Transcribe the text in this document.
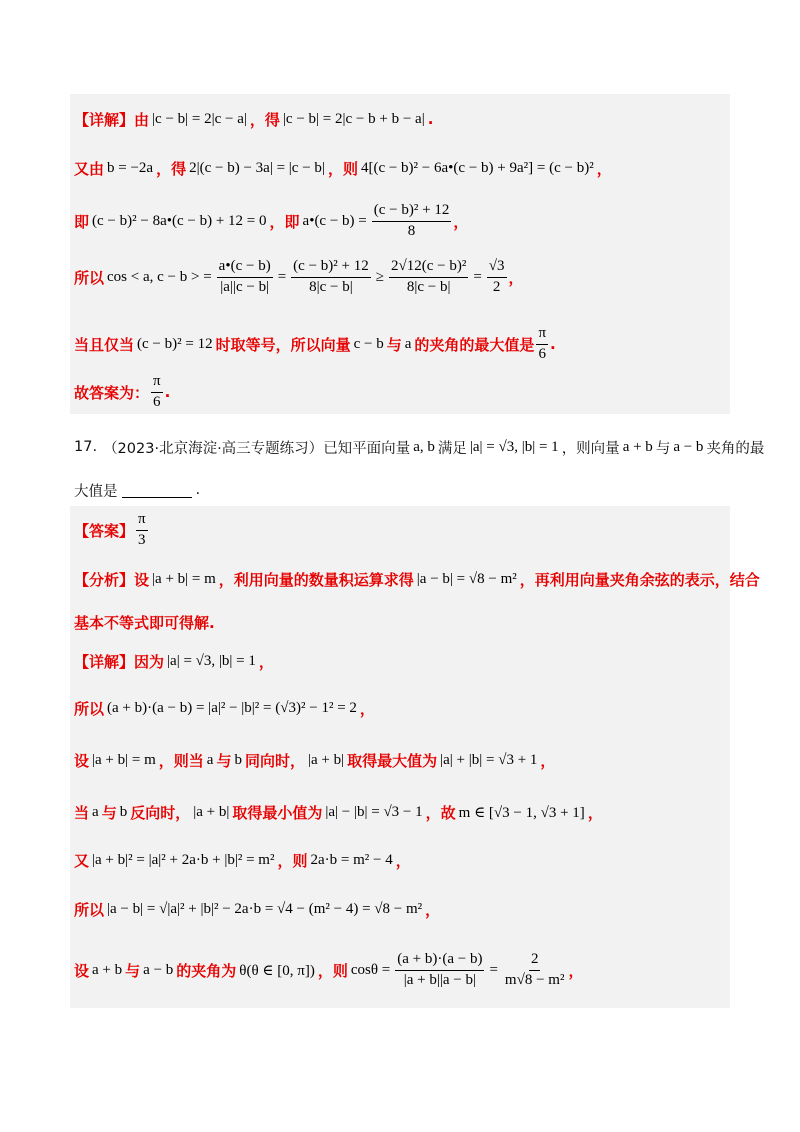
【详解】 由 |c − b| = 2|c − a| ，得 |c − b| = 2|c − b + b − a| .
又由 b = −2a ，得 2|(c − b) − 3a| = |c − b| ，则 4[(c − b)² − 6a•(c − b) + 9a²] = (c − b)² ，
即 (c − b)² − 8a•(c − b) + 12 = 0 ，即 a•(c − $b) = \frac{\text{(c − b)² + 12}}{8}$ ，
所以 cos < a, c − b > = $\frac{a•(c - b)}{|a||c - b|} = \frac{\text{(c − b)² + 12}}{8|c - b|} \ge \frac{\text{2√12(c − b)²}}{8|c - b|} = \frac{√3}{2}$ ，
当且仅当 (c − b)² = 12 时取等号，所以向量 c − b 与 a 的夹角的最大值是 $\frac{\pi}{6}$ .
故答案为： $\frac{\pi}{6}$ .
17. （2023·北京海淀·高三专题练习） 已知平面向量 a, b 满足 |a| = √3, |b| = 1 ，则向量 a + b 与 a − b 夹角的最
大值是	.
【答案】 $\frac{\pi}{3}$
【分析】 设 |a + b| = m ，利用向量的数量积运算求得 |a − b| = √8 − m² ，再利用向量夹角余弦的表示，结合
基本不等式即可得解.
【详解】 因为 |a| = √3, |b| = 1 ，
所以 (a + b)·(a − b) = |a|² − |b|² = (√3)² − 1² = 2 ，
设 |a + b| = m ，则当 a 与 b 同向时， |a + b| 取得最大值为 |a| + |b| = √3 + 1 ，
当 a 与 b 反向时， |a + b| 取得最小值为 |a| − |b| = √3 − 1 ，故 m ∈ [√3 − 1, √3 + 1] ，
又 |a + b|² = |a|² + 2a·b + |b|² = m² ，则 2a·b = m² − 4 ，
所以 |a − b| = √|a|² + |b|² − 2a·b = √4 − (m² − 4) = √8 − m² ，
设 a + b 与 a − b 的夹角为 θ(θ ∈ [0, π]) ，则 $\cos\theta = \frac{(a + b)\cdot(a - b)}{|a + b||a - b|} = \frac{2}{\text{m√8 − m²}}$ ，
